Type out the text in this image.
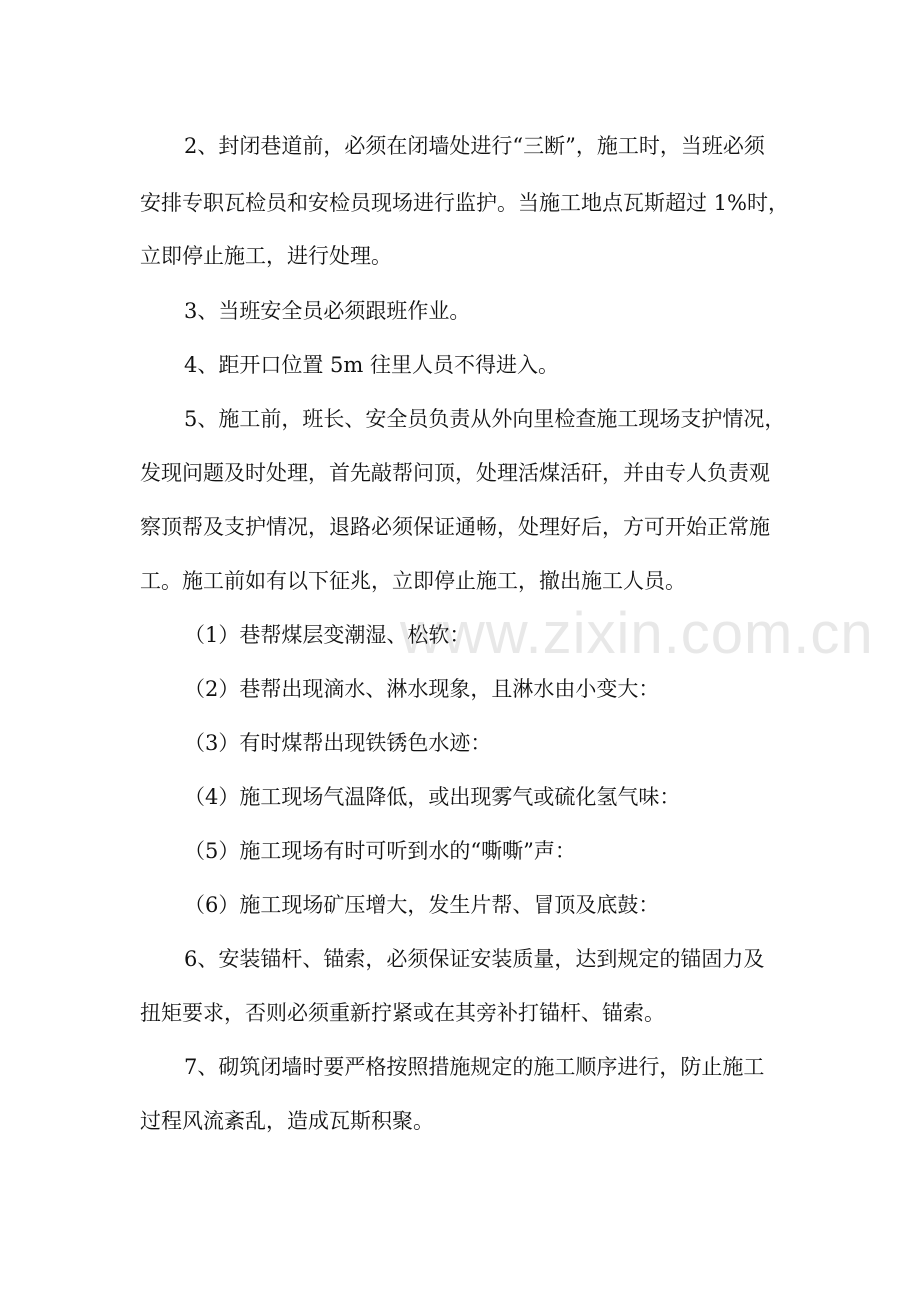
www.zixin.com.cn
2、封闭巷道前，必须在闭墙处进行“三断”，施工时，当班必须
安排专职瓦检员和安检员现场进行监护。当施工地点瓦斯超过 1%时，
立即停止施工，进行处理。
3、当班安全员必须跟班作业。
4、距开口位置 5m 往里人员不得进入。
5、施工前，班长、安全员负责从外向里检查施工现场支护情况，
发现问题及时处理，首先敲帮问顶，处理活煤活矸，并由专人负责观
察顶帮及支护情况，退路必须保证通畅，处理好后，方可开始正常施
工。施工前如有以下征兆，立即停止施工，撤出施工人员。
（1）巷帮煤层变潮湿、松软：
（2）巷帮出现滴水、淋水现象，且淋水由小变大：
（3）有时煤帮出现铁锈色水迹：
（4）施工现场气温降低，或出现雾气或硫化氢气味：
（5）施工现场有时可听到水的“嘶嘶”声：
（6）施工现场矿压增大，发生片帮、冒顶及底鼓：
6、安装锚杆、锚索，必须保证安装质量，达到规定的锚固力及
扭矩要求，否则必须重新拧紧或在其旁补打锚杆、锚索。
7、砌筑闭墙时要严格按照措施规定的施工顺序进行，防止施工
过程风流紊乱，造成瓦斯积聚。
